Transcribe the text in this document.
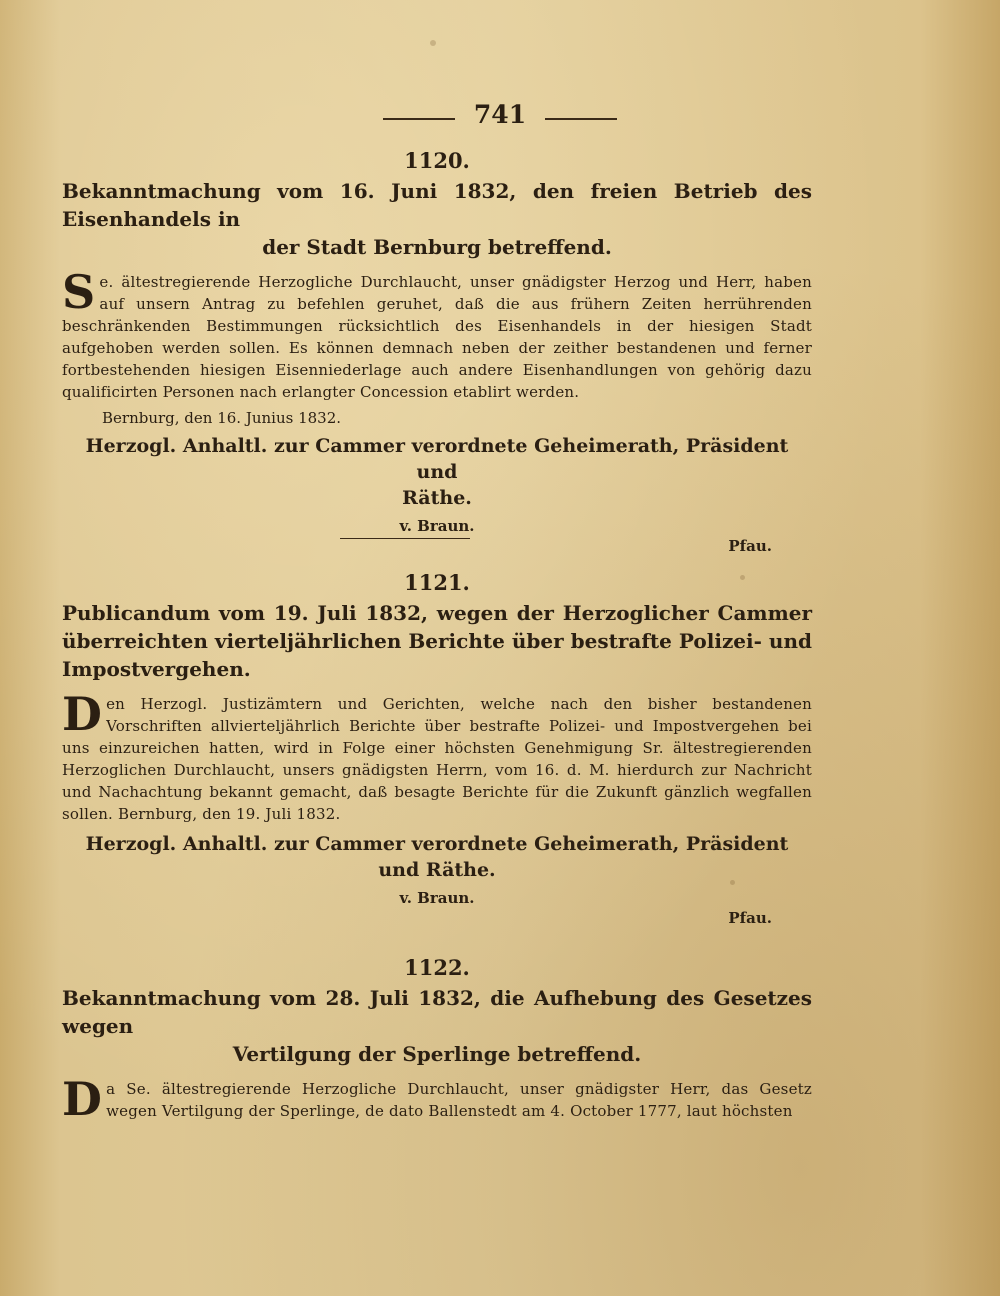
741
1120.
Bekanntmachung vom 16. Juni 1832, den freien Betrieb des Eisenhandels in
der Stadt Bernburg betreffend.
S e. ältestregierende Herzogliche Durchlaucht, unser gnädigster Herzog und Herr, haben auf unsern Antrag zu befehlen geruhet, daß die aus frühern Zeiten herrührenden beschränkenden Bestimmungen rücksichtlich des Eisenhandels in der hiesigen Stadt aufgehoben werden sollen. Es können demnach neben der zeither bestandenen und ferner fortbestehenden hiesigen Eisenniederlage auch andere Eisenhandlungen von gehörig dazu qualificirten Personen nach erlangter Concession etablirt werden.
Bernburg, den 16. Junius 1832.
Herzogl. Anhaltl. zur Cammer verordnete Geheimerath, Präsident und
Räthe.
v. Braun.
Pfau.
1121.
Publicandum vom 19. Juli 1832, wegen der Herzoglicher Cammer überreichten vierteljährlichen Berichte über bestrafte Polizei- und Impostvergehen.
D en Herzogl. Justizämtern und Gerichten, welche nach den bisher bestandenen Vorschriften allvierteljährlich Berichte über bestrafte Polizei- und Impostvergehen bei uns einzureichen hatten, wird in Folge einer höchsten Genehmigung Sr. ältestregierenden Herzoglichen Durchlaucht, unsers gnädigsten Herrn, vom 16. d. M. hierdurch zur Nachricht und Nachachtung bekannt gemacht, daß besagte Berichte für die Zukunft gänzlich wegfallen sollen. Bernburg, den 19. Juli 1832.
Herzogl. Anhaltl. zur Cammer verordnete Geheimerath, Präsident
und Räthe.
v. Braun.
Pfau.
1122.
Bekanntmachung vom 28. Juli 1832, die Aufhebung des Gesetzes wegen
Vertilgung der Sperlinge betreffend.
D a Se. ältestregierende Herzogliche Durchlaucht, unser gnädigster Herr, das Gesetz wegen Vertilgung der Sperlinge, de dato Ballenstedt am 4. October 1777, laut höchsten
